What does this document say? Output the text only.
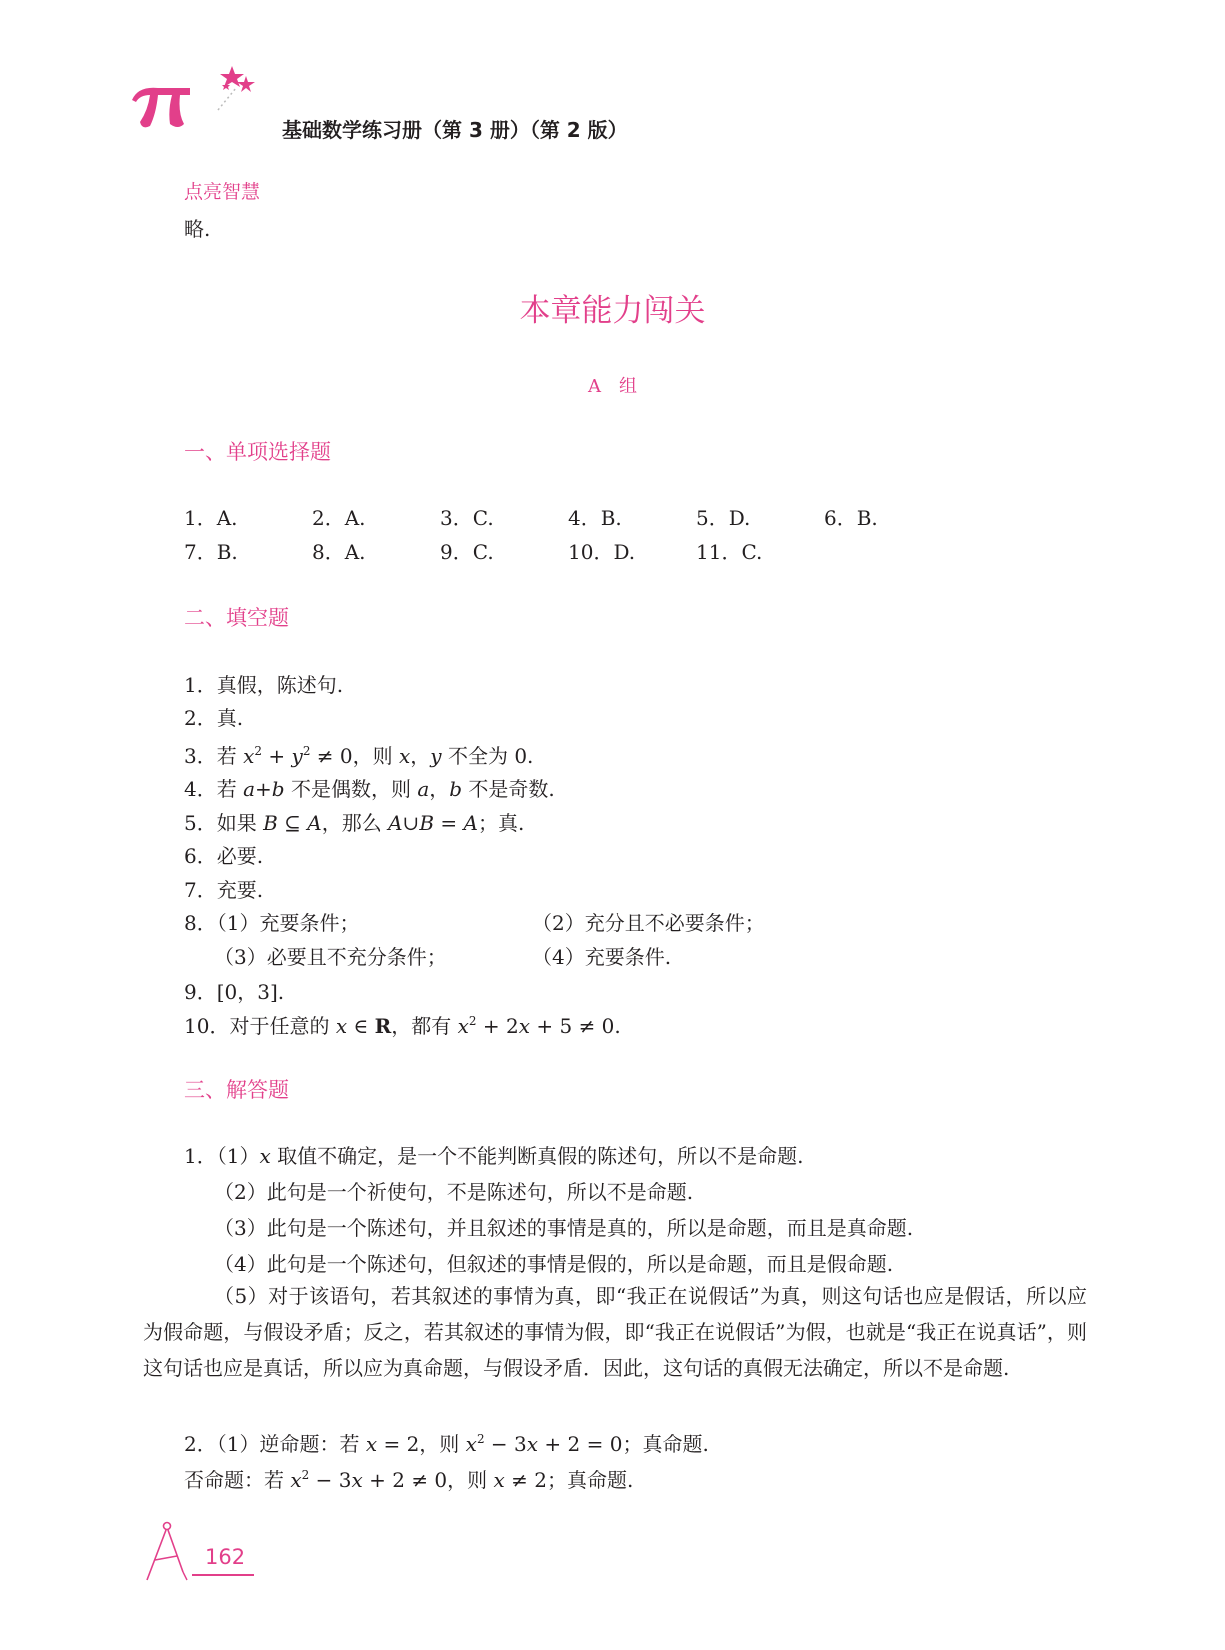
基础数学练习册（第 3 册）（第 2 版）
点亮智慧
略.
本章能力闯关
A　组
一、单项选择题
1．A.	2．A.	3．C.	4．B.	5．D.	6．B.
7．B.	8．A.	9．C.	10．D.	11．C.
二、填空题
1．真假，陈述句.
2．真.
3．若 $x^2 + y^2 \ne 0$，则 x，y 不全为 0.
4．若 a+b 不是偶数，则 a，b 不是奇数.
5．如果 B ⊆ A，那么 A∪B = A；真.
6．必要.
7．充要.
8．（1）充要条件；	（2）充分且不必要条件；
（3）必要且不充分条件；	（4）充要条件.
9．[0，3].
10．对于任意的 x ∈ R，都有 $x^2 + 2x + 5 \ne 0$.
三、解答题
1．（1）x 取值不确定，是一个不能判断真假的陈述句，所以不是命题.
（2）此句是一个祈使句，不是陈述句，所以不是命题.
（3）此句是一个陈述句，并且叙述的事情是真的，所以是命题，而且是真命题.
（4）此句是一个陈述句，但叙述的事情是假的，所以是命题，而且是假命题.
（5）对于该语句，若其叙述的事情为真，即“我正在说假话”为真，则这句话也应是假话，所以应为假命题，与假设矛盾；反之，若其叙述的事情为假，即“我正在说假话”为假，也就是“我正在说真话”，则这句话也应是真话，所以应为真命题，与假设矛盾．因此，这句话的真假无法确定，所以不是命题.
2．（1）逆命题：若 x = 2，则 $x^2 - 3x + 2 = 0$；真命题.
否命题：若 $x^2 - 3x + 2 \ne 0$，则 x ≠ 2；真命题.
162
